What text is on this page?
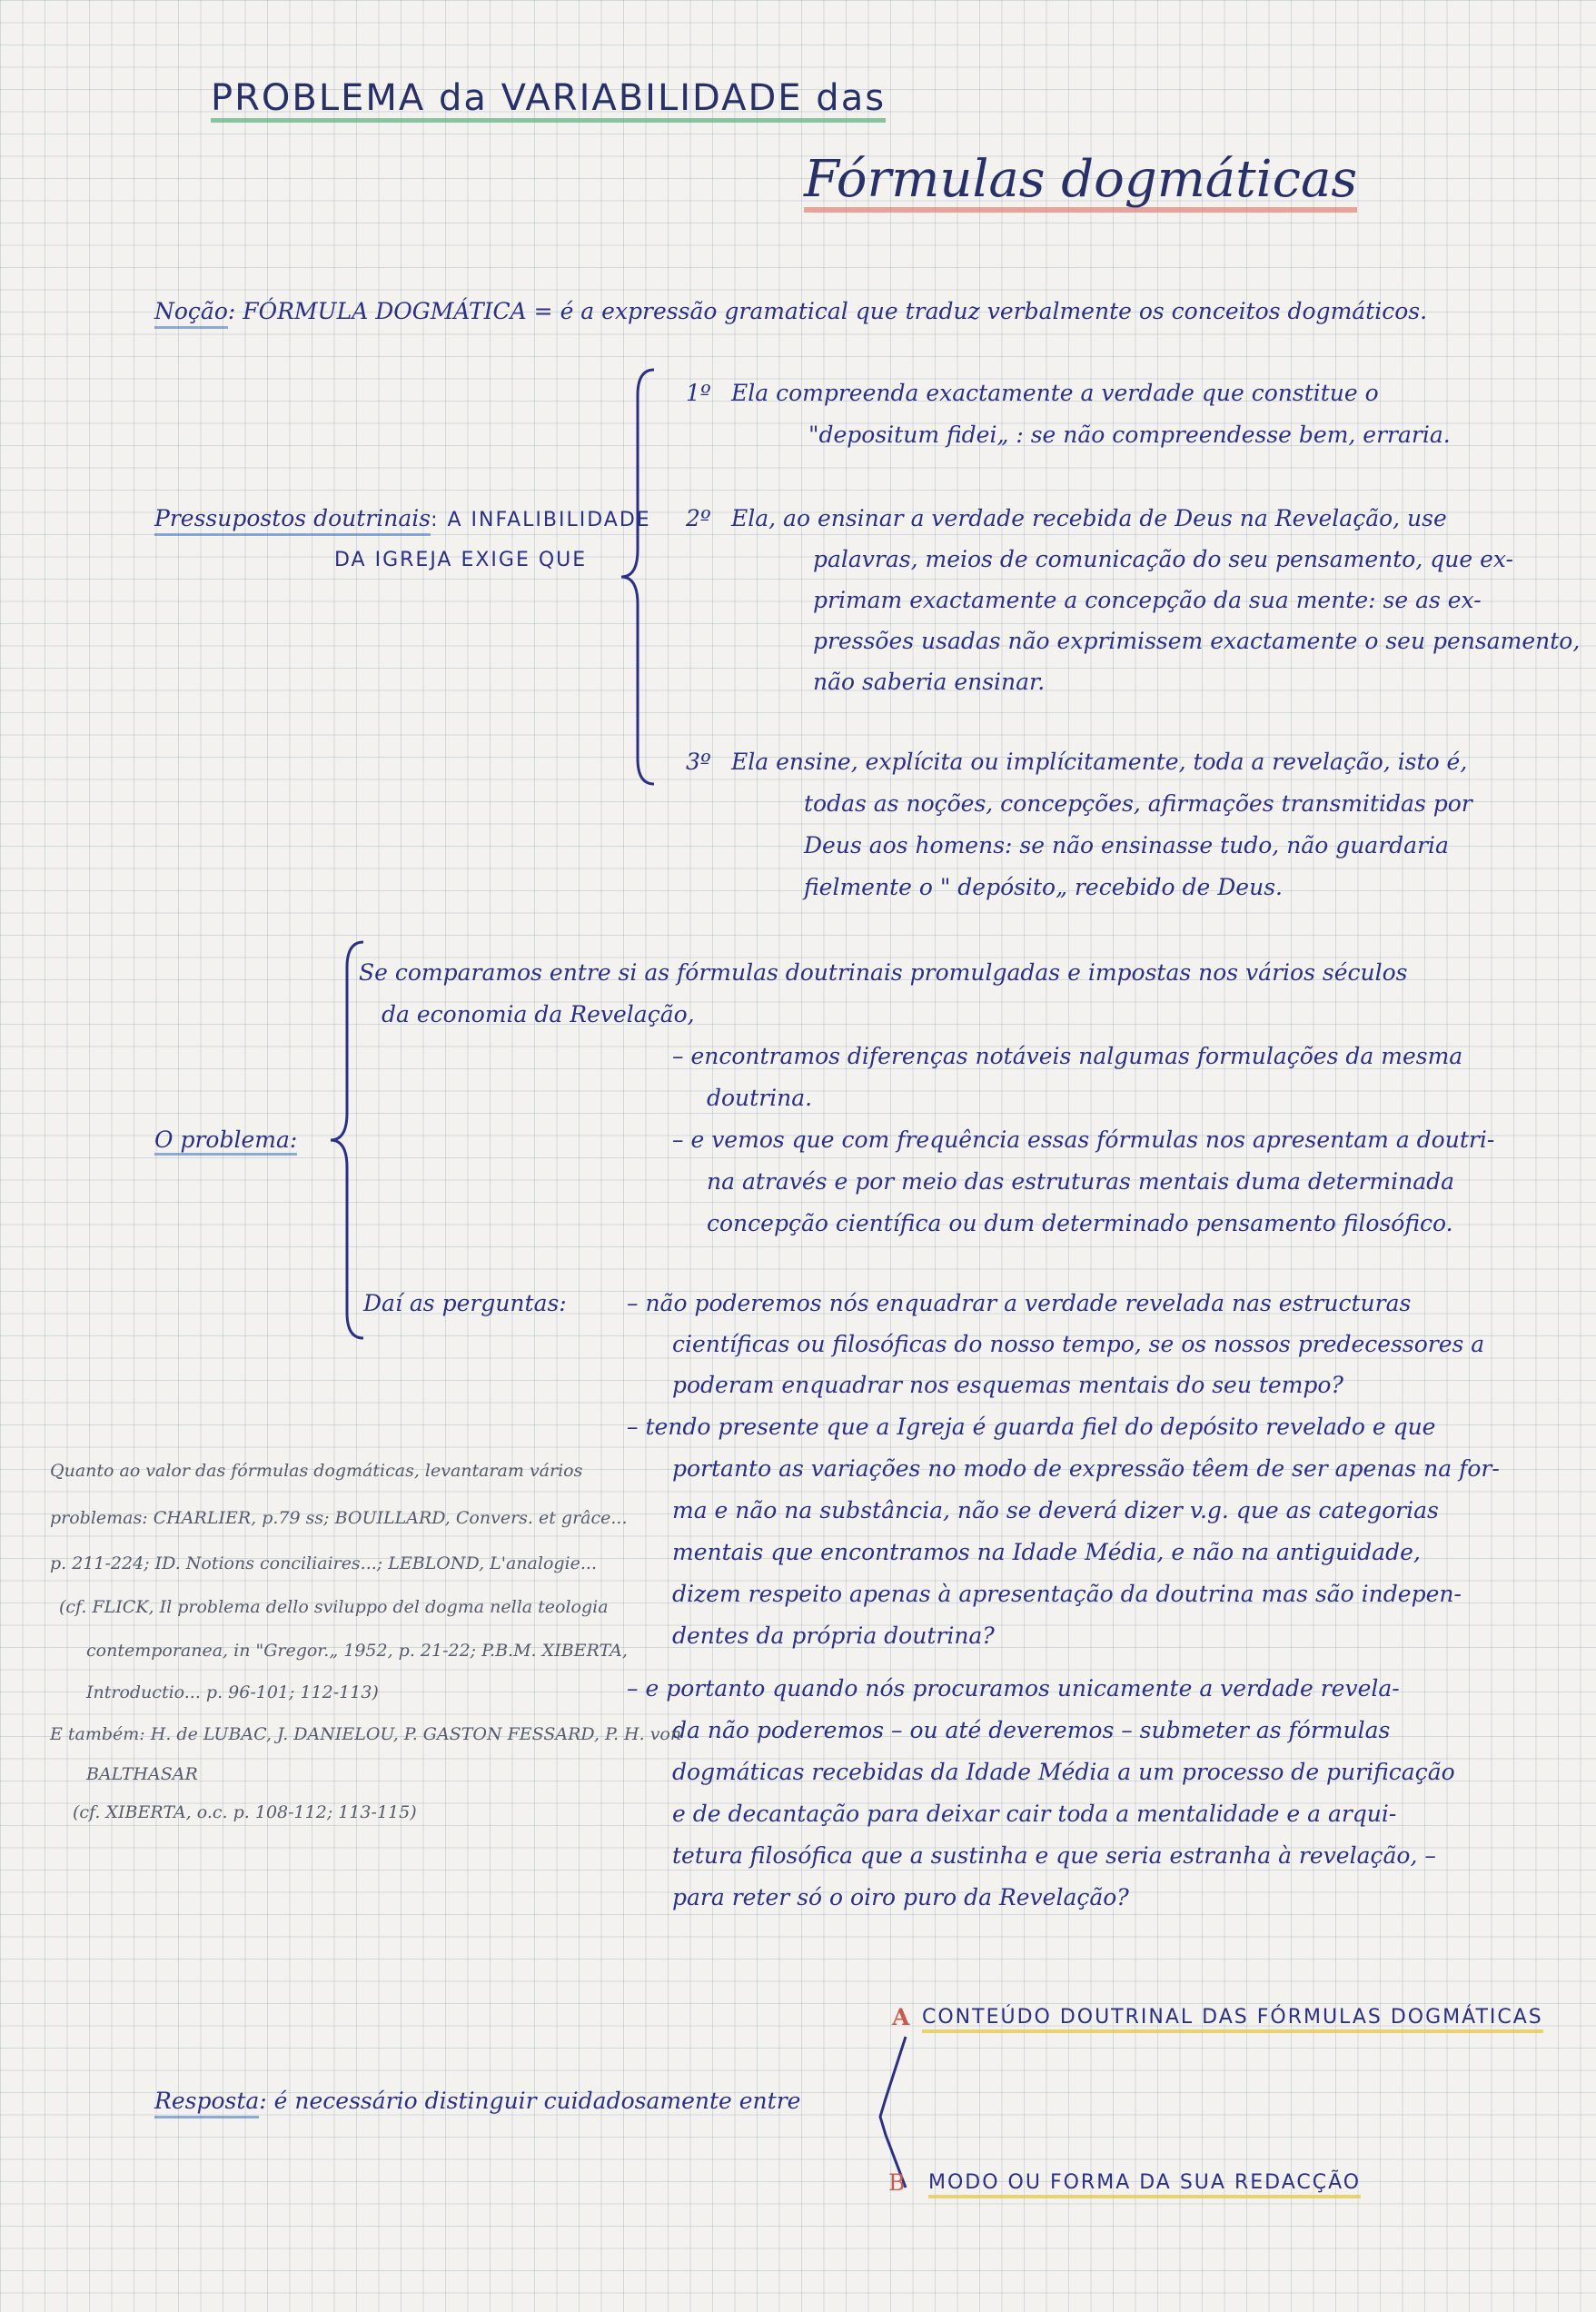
PROBLEMA da VARIABILIDADE das
Fórmulas dogmáticas
Noção: FÓRMULA DOGMÁTICA = é a expressão gramatical que traduz verbalmente os conceitos dogmáticos.
Pressupostos doutrinais: A INFALIBILIDADE
DA IGREJA EXIGE QUE
1º Ela compreenda exactamente a verdade que constitue o
"depositum fidei„ : se não compreendesse bem, erraria.
2º Ela, ao ensinar a verdade recebida de Deus na Revelação, use
palavras, meios de comunicação do seu pensamento, que ex-
primam exactamente a concepção da sua mente: se as ex-
pressões usadas não exprimissem exactamente o seu pensamento,
não saberia ensinar.
3º Ela ensine, explícita ou implícitamente, toda a revelação, isto é,
todas as noções, concepções, afirmações transmitidas por
Deus aos homens: se não ensinasse tudo, não guardaria
fielmente o " depósito„ recebido de Deus.
O problema:
Se comparamos entre si as fórmulas doutrinais promulgadas e impostas nos vários séculos
da economia da Revelação,
– encontramos diferenças notáveis nalgumas formulações da mesma
doutrina.
– e vemos que com frequência essas fórmulas nos apresentam a doutri-
na através e por meio das estruturas mentais duma determinada
concepção científica ou dum determinado pensamento filosófico.
Daí as perguntas:	– não poderemos nós enquadrar a verdade revelada nas estructuras
científicas ou filosóficas do nosso tempo, se os nossos predecessores a
poderam enquadrar nos esquemas mentais do seu tempo?
– tendo presente que a Igreja é guarda fiel do depósito revelado e que
portanto as variações no modo de expressão têem de ser apenas na for-
ma e não na substância, não se deverá dizer v.g. que as categorias
mentais que encontramos na Idade Média, e não na antiguidade,
dizem respeito apenas à apresentação da doutrina mas são indepen-
dentes da própria doutrina?
– e portanto quando nós procuramos unicamente a verdade revela-
da não poderemos – ou até deveremos – submeter as fórmulas
dogmáticas recebidas da Idade Média a um processo de purificação
e de decantação para deixar cair toda a mentalidade e a arqui-
tetura filosófica que a sustinha e que seria estranha à revelação, –
para reter só o oiro puro da Revelação?
Quanto ao valor das fórmulas dogmáticas, levantaram vários
problemas: CHARLIER, p.79 ss; BOUILLARD, Convers. et grâce...
p. 211-224; ID. Notions conciliaires...; LEBLOND, L'analogie...
(cf. FLICK, Il problema dello sviluppo del dogma nella teologia
contemporanea, in "Gregor.„ 1952, p. 21-22; P.B.M. XIBERTA,
Introductio... p. 96-101; 112-113)
E também: H. de LUBAC, J. DANIELOU, P. GASTON FESSARD, P. H. von
BALTHASAR
(cf. XIBERTA, o.c. p. 108-112; 113-115)
Resposta: é necessário distinguir cuidadosamente entre
A CONTEÚDO DOUTRINAL DAS FÓRMULAS DOGMÁTICAS
B MODO OU FORMA DA SUA REDACÇÃO
